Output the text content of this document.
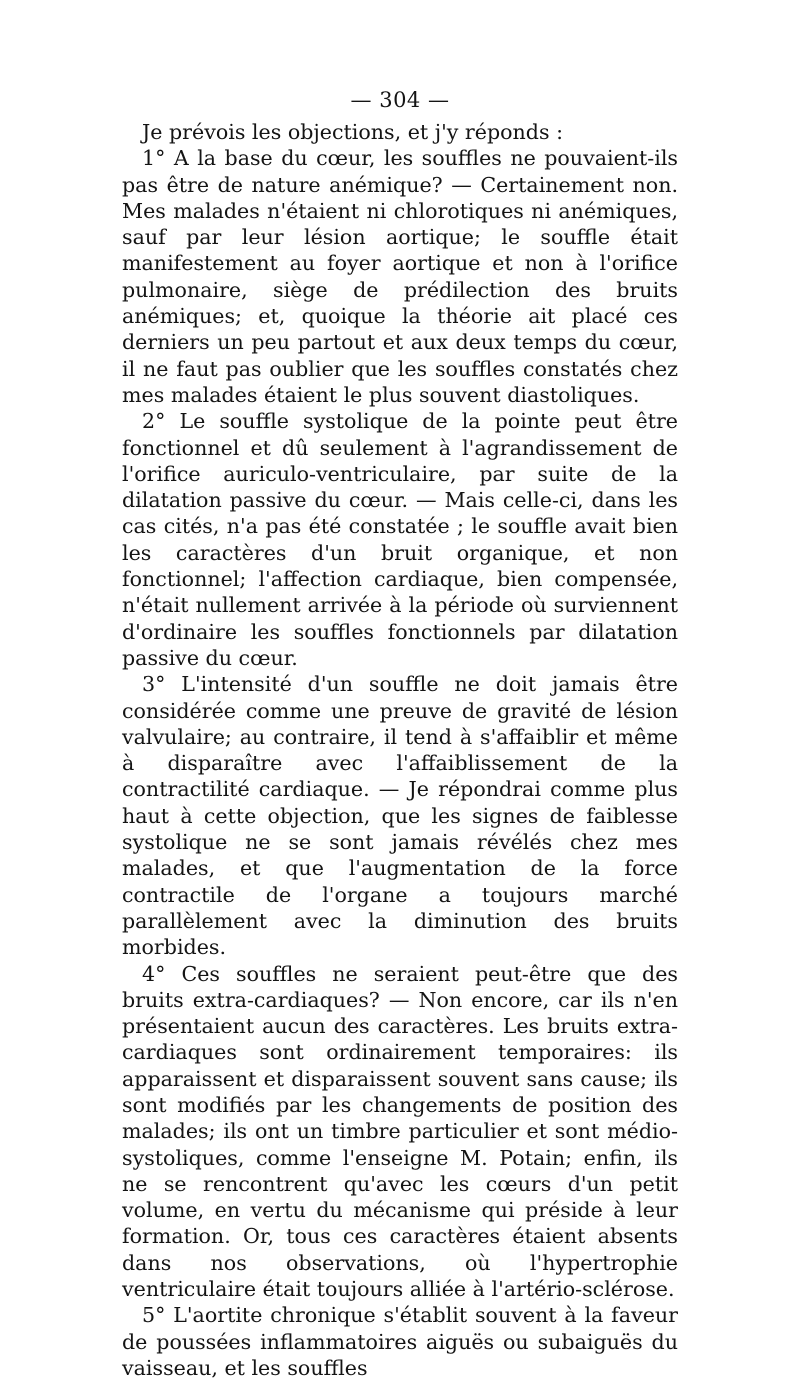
— 304 —

Je prévois les objections, et j'y réponds :

1° A la base du cœur, les souffles ne pouvaient-ils pas être de nature anémique? — Certainement non. Mes malades n'étaient ni chlorotiques ni anémiques, sauf par leur lésion aortique; le souffle était manifestement au foyer aortique et non à l'orifice pulmonaire, siège de prédilection des bruits anémiques; et, quoique la théorie ait placé ces derniers un peu partout et aux deux temps du cœur, il ne faut pas oublier que les souffles constatés chez mes malades étaient le plus souvent diastoliques.

2° Le souffle systolique de la pointe peut être fonctionnel et dû seulement à l'agrandissement de l'orifice auriculo-ventriculaire, par suite de la dilatation passive du cœur. — Mais celle-ci, dans les cas cités, n'a pas été constatée ; le souffle avait bien les caractères d'un bruit organique, et non fonctionnel; l'affection cardiaque, bien compensée, n'était nullement arrivée à la période où surviennent d'ordinaire les souffles fonctionnels par dilatation passive du cœur.

3° L'intensité d'un souffle ne doit jamais être considérée comme une preuve de gravité de lésion valvulaire; au contraire, il tend à s'affaiblir et même à disparaître avec l'affaiblissement de la contractilité cardiaque. — Je répondrai comme plus haut à cette objection, que les signes de faiblesse systolique ne se sont jamais révélés chez mes malades, et que l'augmentation de la force contractile de l'organe a toujours marché parallèlement avec la diminution des bruits morbides.

4° Ces souffles ne seraient peut-être que des bruits extra-cardiaques? — Non encore, car ils n'en présentaient aucun des caractères. Les bruits extra-cardiaques sont ordinairement temporaires: ils apparaissent et disparaissent souvent sans cause; ils sont modifiés par les changements de position des malades; ils ont un timbre particulier et sont médio-systoliques, comme l'enseigne M. Potain; enfin, ils ne se rencontrent qu'avec les cœurs d'un petit volume, en vertu du mécanisme qui préside à leur formation. Or, tous ces caractères étaient absents dans nos observations, où l'hypertrophie ventriculaire était toujours alliée à l'artério-sclérose.

5° L'aortite chronique s'établit souvent à la faveur de poussées inflammatoires aiguës ou subaiguës du vaisseau, et les souffles
